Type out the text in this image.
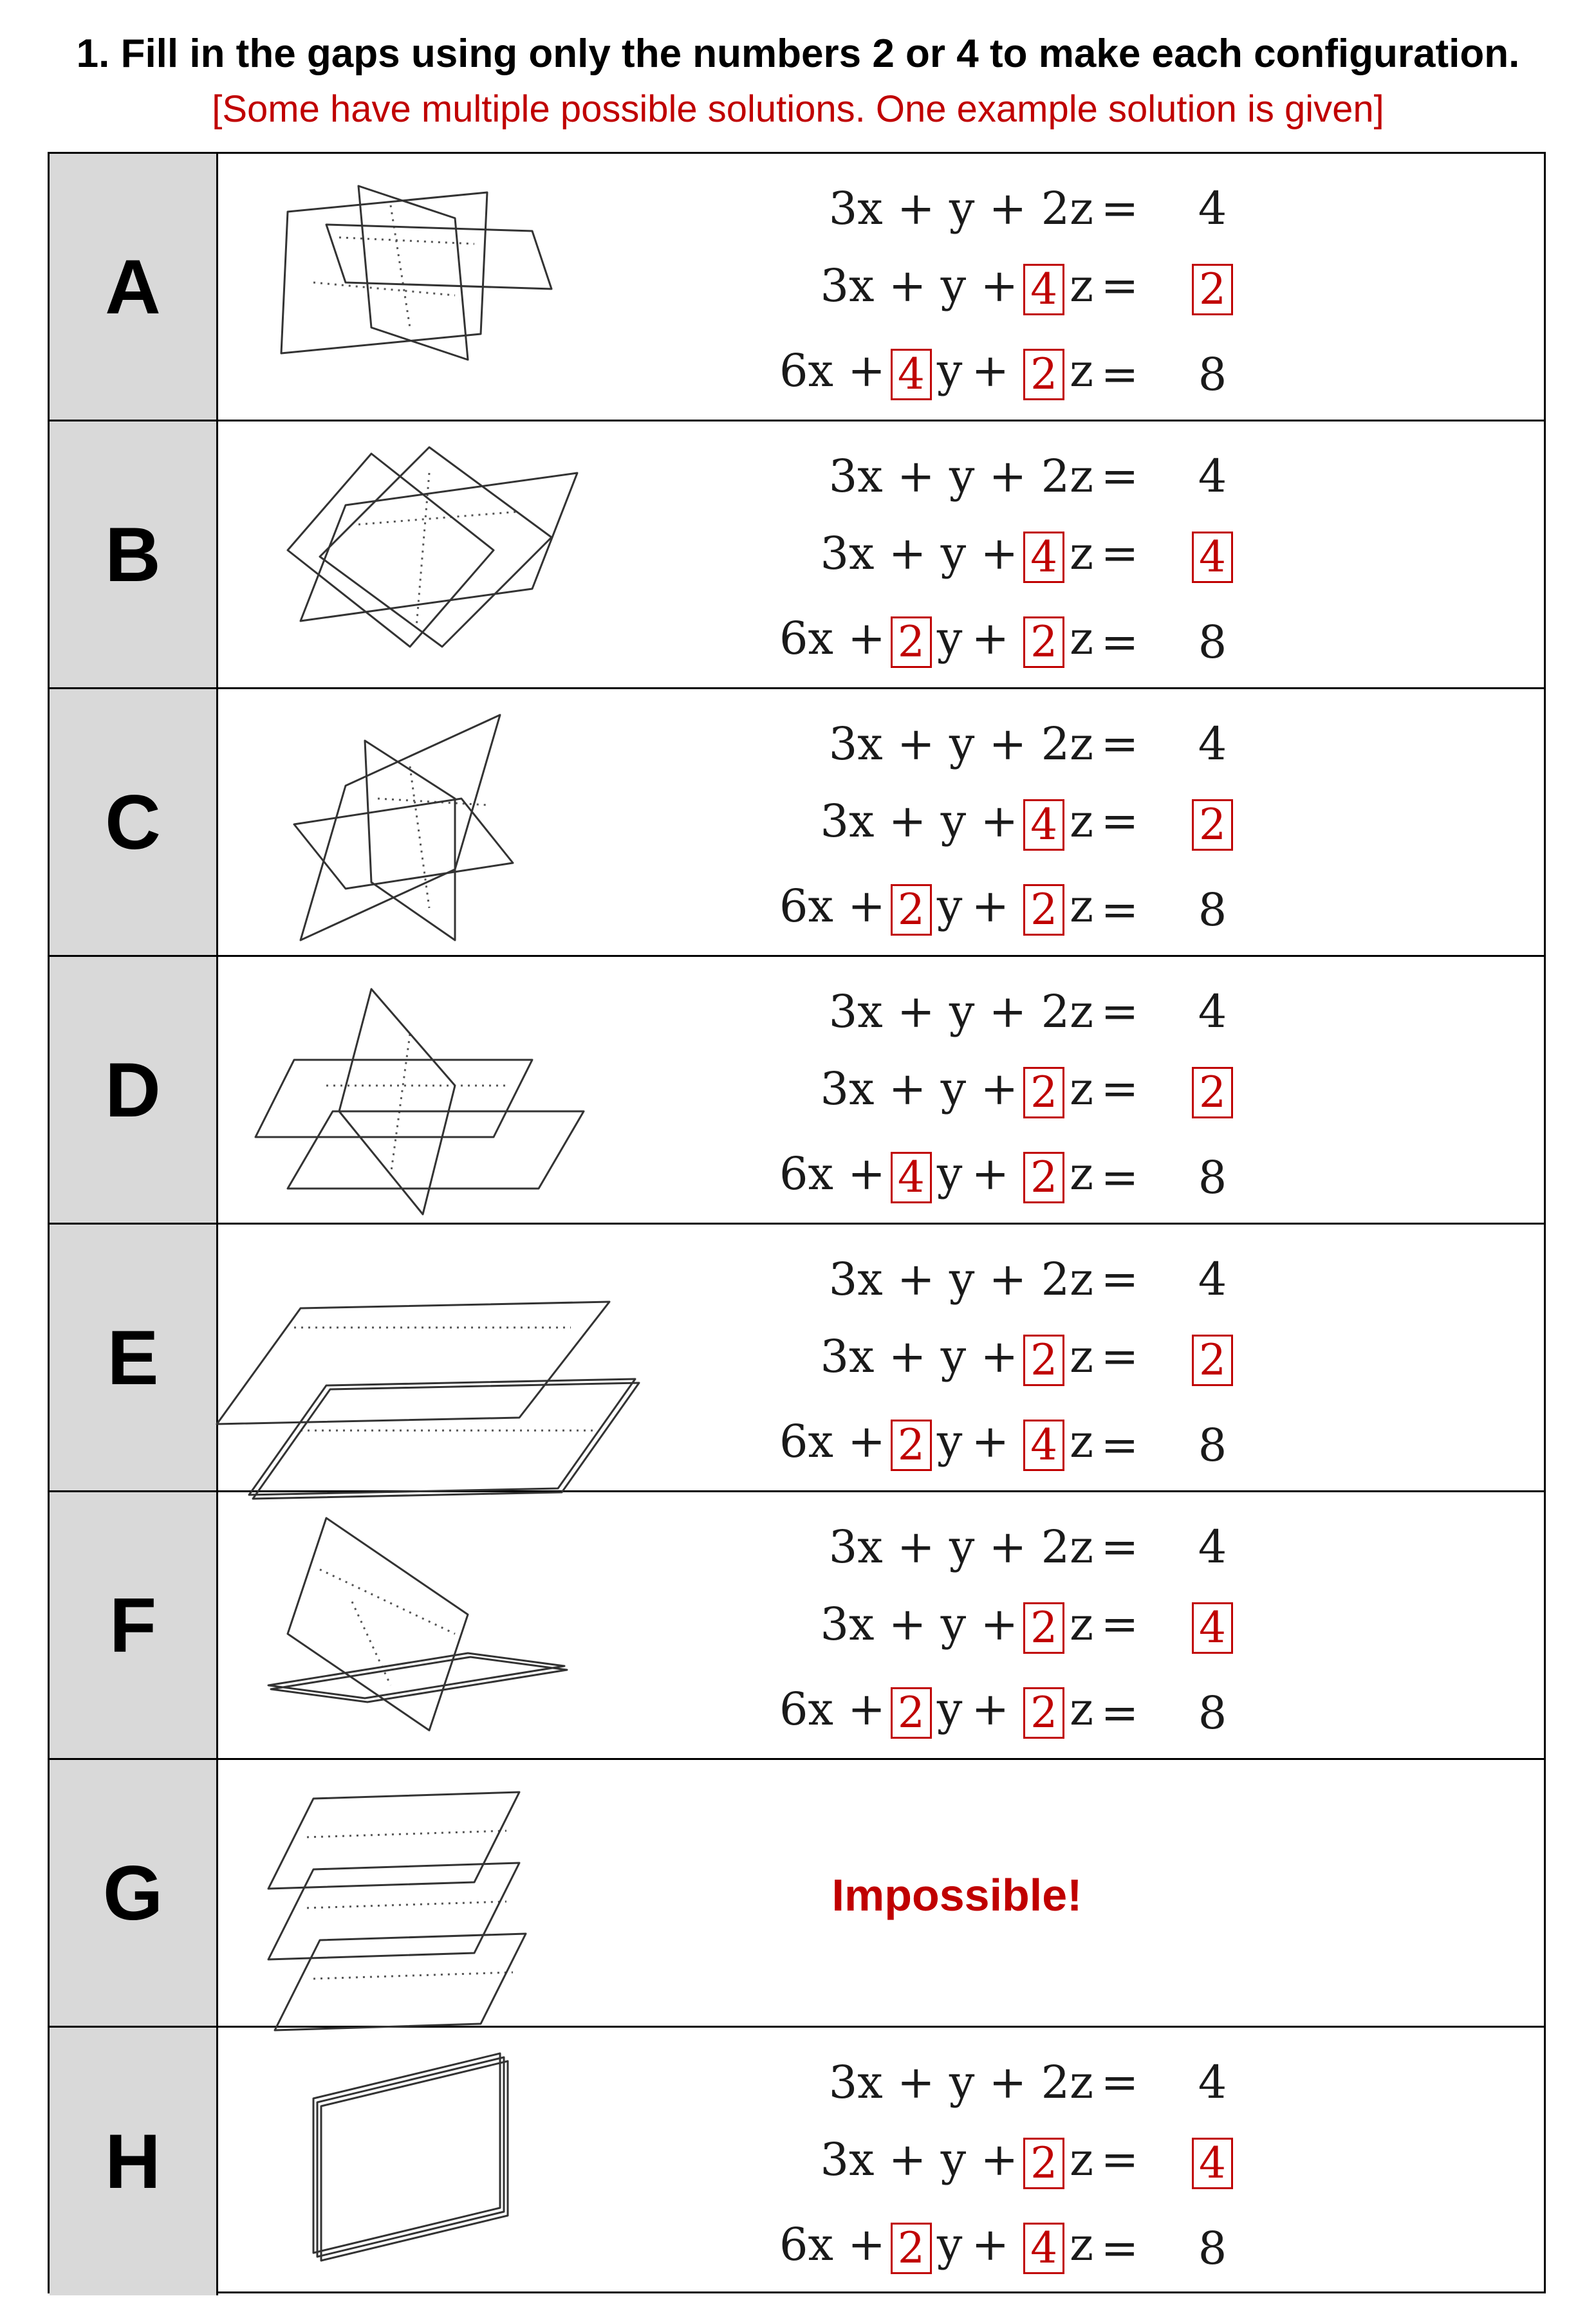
1. Fill in the gaps using only the numbers 2 or 4 to make each configuration.
[Some have multiple possible solutions. One example solution is given]
A
3x + y + 2z =	4
3x + y + 4 z =	2
6x + 4 y + 2 z =	8
B
3x + y + 2z =	4
3x + y + 4 z =	4
6x + 2 y + 2 z =	8
C
3x + y + 2z =	4
3x + y + 4 z =	2
6x + 2 y + 2 z =	8
D
3x + y + 2z =	4
3x + y + 2 z =	2
6x + 4 y + 2 z =	8
E
3x + y + 2z =	4
3x + y + 2 z =	2
6x + 2 y + 4 z =	8
F
3x + y + 2z =	4
3x + y + 2 z =	4
6x + 2 y + 2 z =	8
G	Impossible!
H
3x + y + 2z =	4
3x + y + 2 z =	4
6x + 2 y + 4 z =	8
